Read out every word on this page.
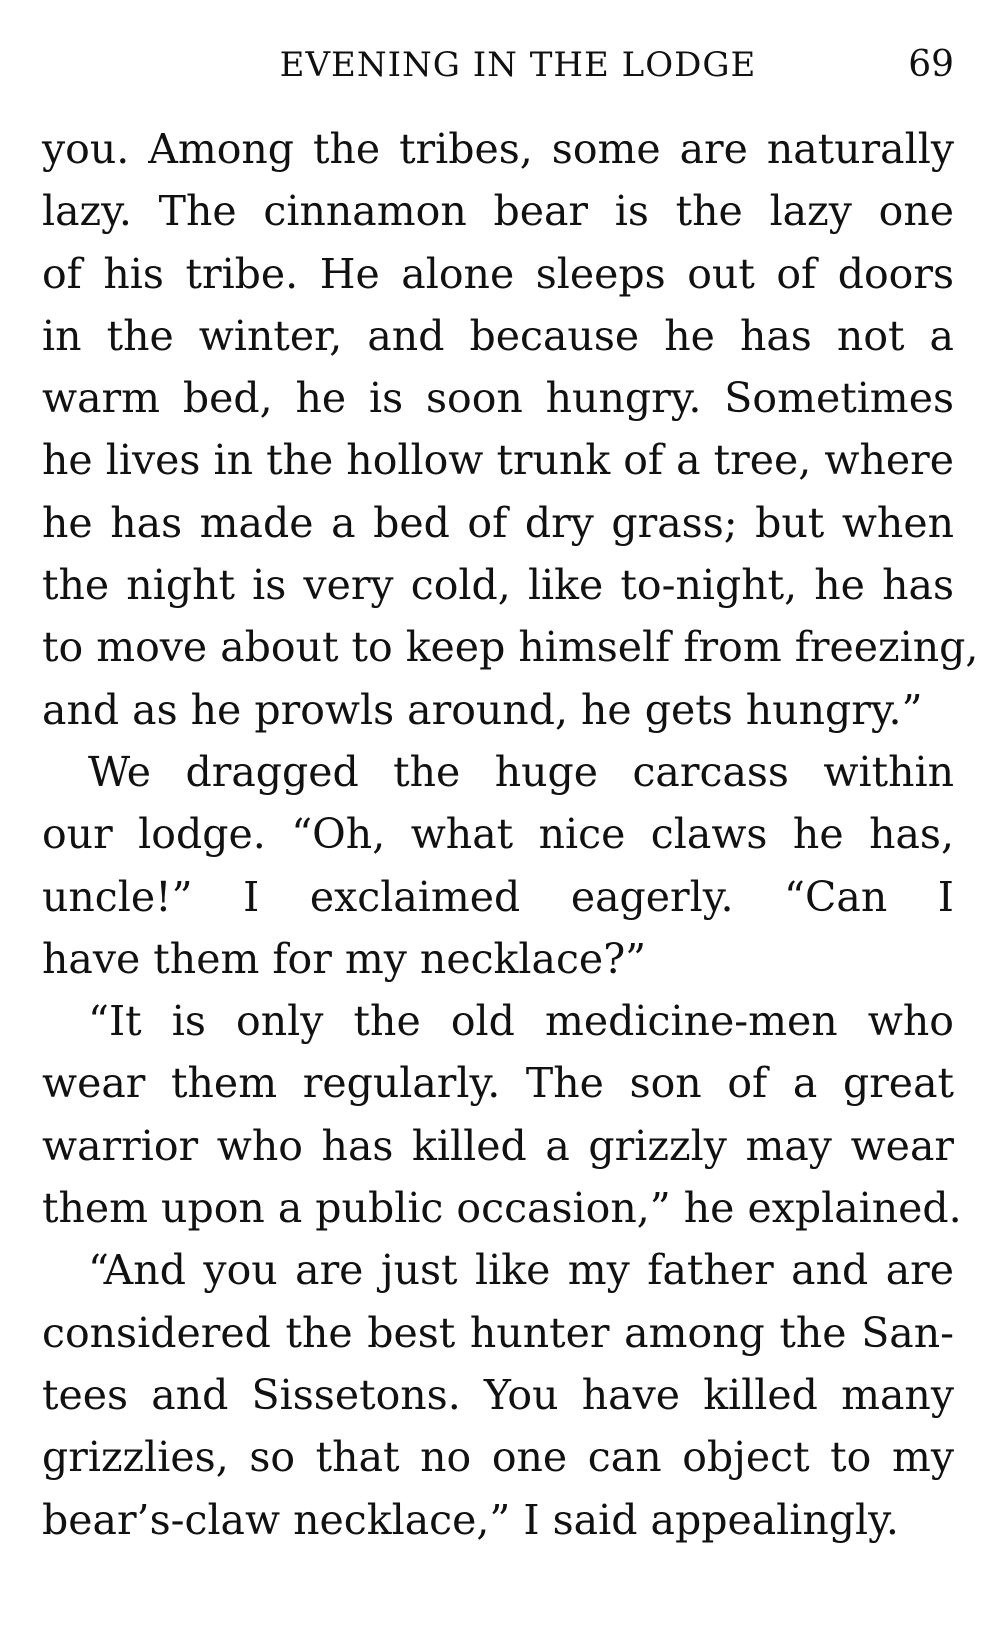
EVENING IN THE LODGE	69
you. Among the tribes, some are naturally
lazy. The cinnamon bear is the lazy one
of his tribe. He alone sleeps out of doors
in the winter, and because he has not a
warm bed, he is soon hungry. Sometimes
he lives in the hollow trunk of a tree, where
he has made a bed of dry grass; but when
the night is very cold, like to-night, he has
to move about to keep himself from freezing,
and as he prowls around, he gets hungry.”
We dragged the huge carcass within
our lodge. “Oh, what nice claws he has,
uncle!” I exclaimed eagerly. “Can I
have them for my necklace?”
“It is only the old medicine-men who
wear them regularly. The son of a great
warrior who has killed a grizzly may wear
them upon a public occasion,” he explained.
“And you are just like my father and are
considered the best hunter among the San-
tees and Sissetons. You have killed many
grizzlies, so that no one can object to my
bear’s-claw necklace,” I said appealingly.
